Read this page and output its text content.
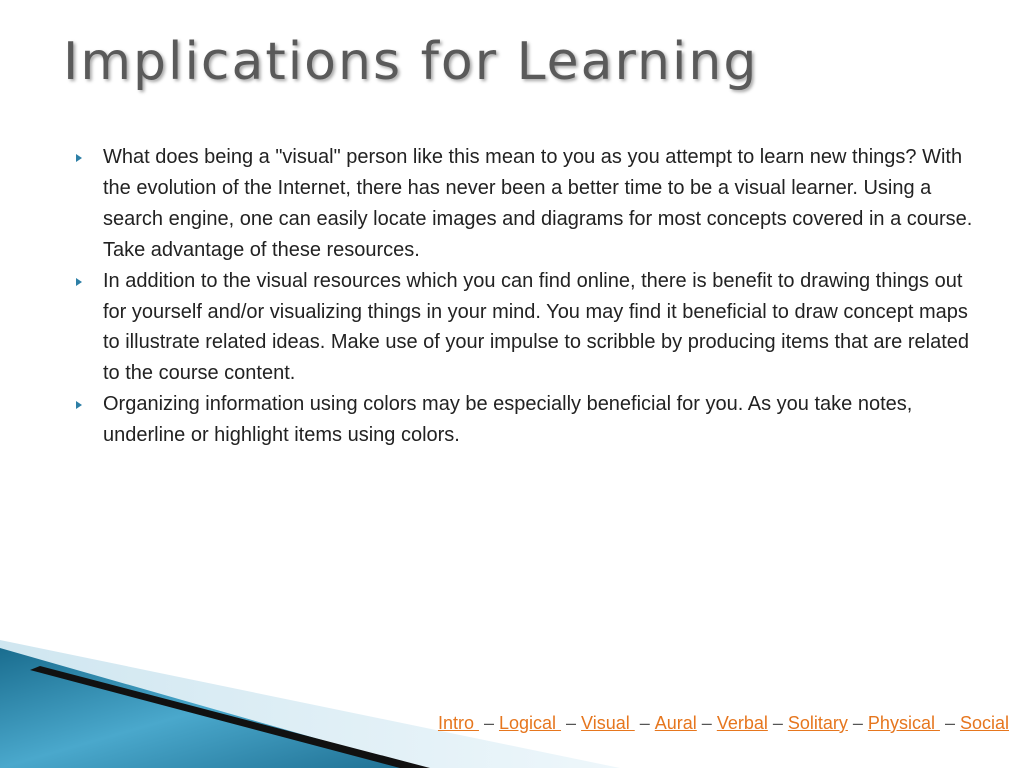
Implications for Learning
What does being a "visual" person like this mean to you as you attempt to learn new things? With the evolution of the Internet, there has never been a better time to be a visual learner. Using a search engine, one can easily locate images and diagrams for most concepts covered in a course. Take advantage of these resources.
In addition to the visual resources which you can find online, there is benefit to drawing things out for yourself and/or visualizing things in your mind. You may find it beneficial to draw concept maps to illustrate related ideas. Make use of your impulse to scribble by producing items that are related to the course content.
Organizing information using colors may be especially beneficial for you. As you take notes, underline or highlight items using colors.
Intro – Logical – Visual – Aural – Verbal – Solitary – Physical – Social
